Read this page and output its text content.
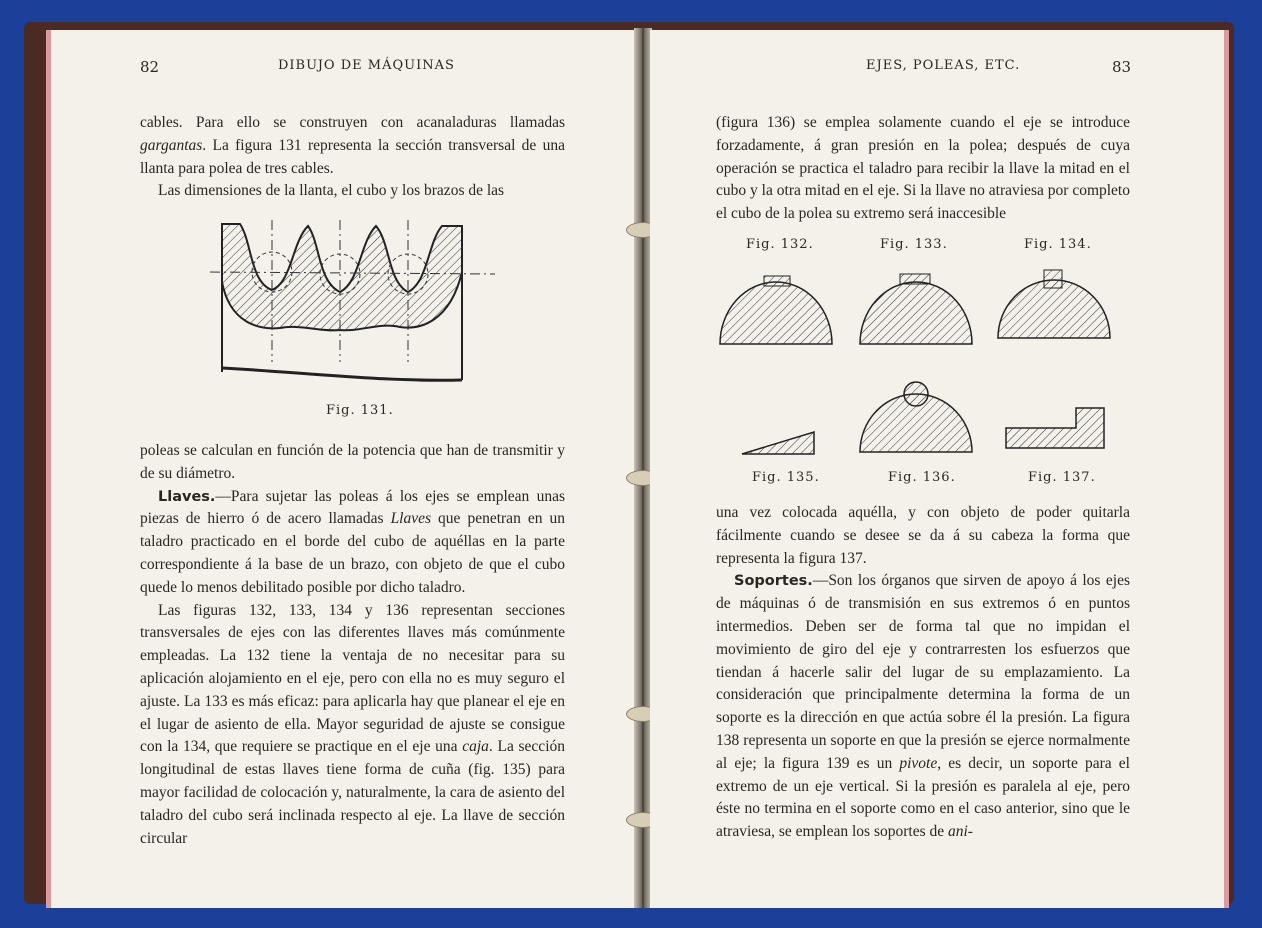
82	DIBUJO DE MÁQUINAS

cables. Para ello se construyen con acanaladuras llamadas gargantas. La figura 131 representa la sección transversal de una llanta para polea de tres cables.

Las dimensiones de la llanta, el cubo y los brazos de las

Fig. 131.

poleas se calculan en función de la potencia que han de transmitir y de su diámetro.

Llaves.—Para sujetar las poleas á los ejes se emplean unas piezas de hierro ó de acero llamadas Llaves que penetran en un taladro practicado en el borde del cubo de aquéllas en la parte correspondiente á la base de un brazo, con objeto de que el cubo quede lo menos debilitado posible por dicho taladro.

Las figuras 132, 133, 134 y 136 representan secciones transversales de ejes con las diferentes llaves más comúnmente empleadas. La 132 tiene la ventaja de no necesitar para su aplicación alojamiento en el eje, pero con ella no es muy seguro el ajuste. La 133 es más eficaz: para aplicarla hay que planear el eje en el lugar de asiento de ella. Mayor seguridad de ajuste se consigue con la 134, que requiere se practique en el eje una caja. La sección longitudinal de estas llaves tiene forma de cuña (fig. 135) para mayor facilidad de colocación y, naturalmente, la cara de asiento del taladro del cubo será inclinada respecto al eje. La llave de sección circular

EJES, POLEAS, ETC.	83
(figura 136) se emplea solamente cuando el eje se introduce forzadamente, á gran presión en la polea; después de cuya operación se practica el taladro para recibir la llave la mitad en el cubo y la otra mitad en el eje. Si la llave no atraviesa por completo el cubo de la polea su extremo será inaccesible
Fig. 132.	Fig. 133.	Fig. 134.
Fig. 135.	Fig. 136.	Fig. 137.

una vez colocada aquélla, y con objeto de poder quitarla fácilmente cuando se desee se da á su cabeza la forma que representa la figura 137.

Soportes.—Son los órganos que sirven de apoyo á los ejes de máquinas ó de transmisión en sus extremos ó en puntos intermedios. Deben ser de forma tal que no impidan el movimiento de giro del eje y contrarresten los esfuerzos que tiendan á hacerle salir del lugar de su emplazamiento. La consideración que principalmente determina la forma de un soporte es la dirección en que actúa sobre él la presión. La figura 138 representa un soporte en que la presión se ejerce normalmente al eje; la figura 139 es un pivote, es decir, un soporte para el extremo de un eje vertical. Si la presión es paralela al eje, pero éste no termina en el soporte como en el caso anterior, sino que le atraviesa, se emplean los soportes de ani-
